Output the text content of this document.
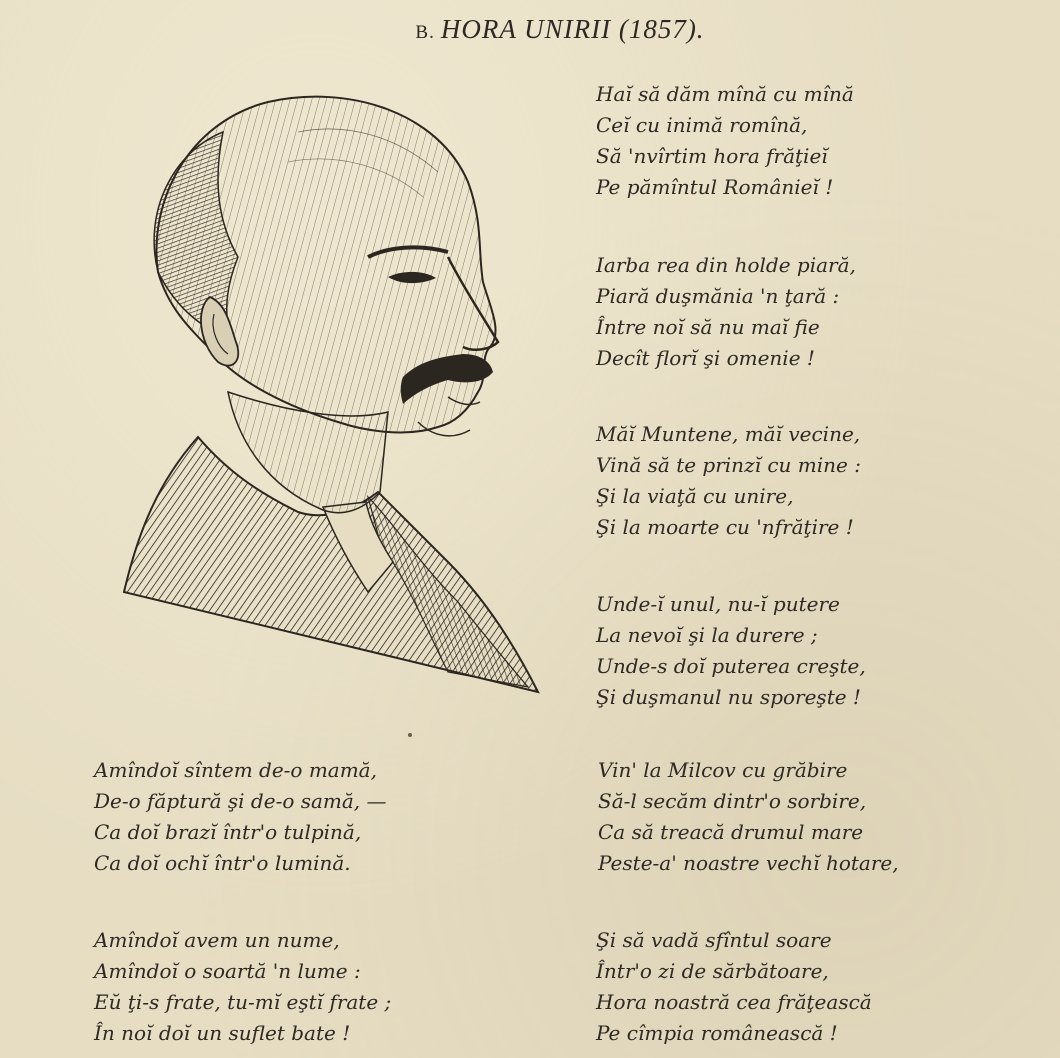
B. HORA UNIRII (1857).
Haĭ să dăm mînă cu mînă
Ceĭ cu inimă romînă,
Să 'nvîrtim hora frăţieĭ
Pe pămîntul Românieĭ !
Iarba rea din holde piară,
Piară duşmănia 'n ţară :
Între noĭ să nu maĭ fie
Decît florĭ şi omenie !
Măĭ Muntene, măĭ vecine,
Vină să te prinzĭ cu mine :
Şi la viaţă cu unire,
Şi la moarte cu 'nfrăţire !
Unde-ĭ unul, nu-ĭ putere
La nevoĭ şi la durere ;
Unde-s doĭ puterea creşte,
Şi duşmanul nu sporeşte !
Vin' la Milcov cu grăbire
Să-l secăm dintr'o sorbire,
Ca să treacă drumul mare
Peste-a' noastre vechĭ hotare,
Şi să vadă sfîntul soare
Într'o zi de sărbătoare,
Hora noastră cea frăţească
Pe cîmpia românească !
Amîndoĭ sîntem de-o mamă,
De-o făptură şi de-o samă, —
Ca doĭ brazĭ într'o tulpină,
Ca doĭ ochĭ într'o lumină.
Amîndoĭ avem un nume,
Amîndoĭ o soartă 'n lume :
Eŭ ţi-s frate, tu-mĭ eştĭ frate ;
În noĭ doĭ un suflet bate !
